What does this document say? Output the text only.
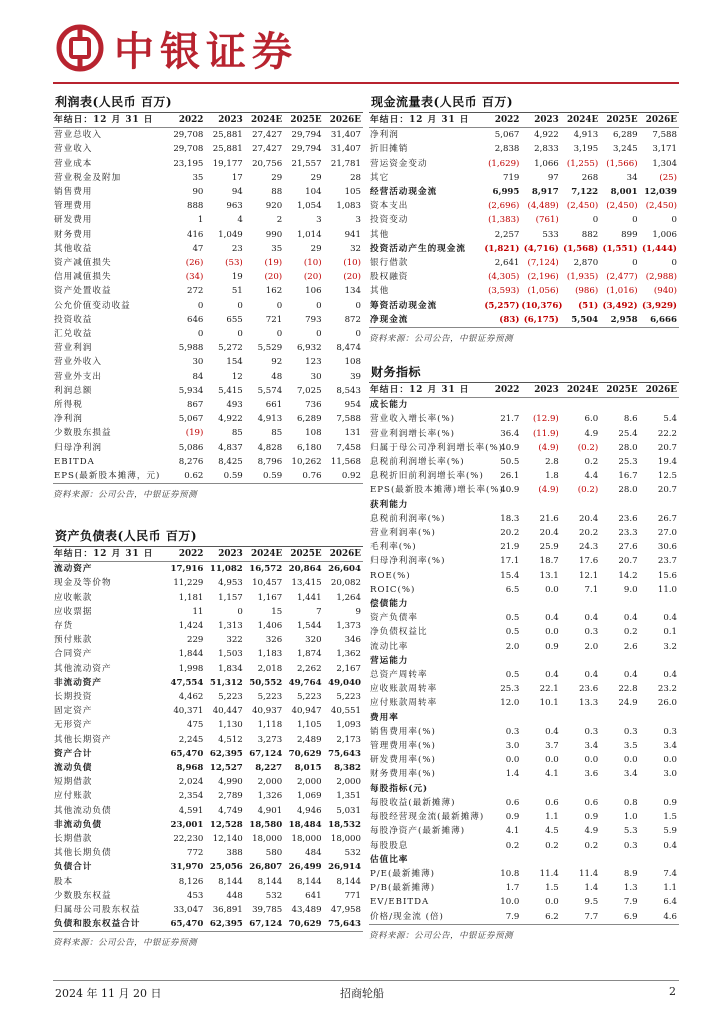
中银证券
利润表(人民币 百万)
年结日：12 月 31 日	2022	2023	2024E	2025E	2026E
营业总收入	29,708	25,881	27,427	29,794	31,407
营业收入	29,708	25,881	27,427	29,794	31,407
营业成本	23,195	19,177	20,756	21,557	21,781
营业税金及附加	35	17	29	29	28
销售费用	90	94	88	104	105
管理费用	888	963	920	1,054	1,083
研发费用	1	4	2	3	3
财务费用	416	1,049	990	1,014	941
其他收益	47	23	35	29	32
资产减值损失	(26)	(53)	(19)	(10)	(10)
信用减值损失	(34)	19	(20)	(20)	(20)
资产处置收益	272	51	162	106	134
公允价值变动收益	0	0	0	0	0
投资收益	646	655	721	793	872
汇兑收益	0	0	0	0	0
营业利润	5,988	5,272	5,529	6,932	8,474
营业外收入	30	154	92	123	108
营业外支出	84	12	48	30	39
利润总额	5,934	5,415	5,574	7,025	8,543
所得税	867	493	661	736	954
净利润	5,067	4,922	4,913	6,289	7,588
少数股东损益	(19)	85	85	108	131
归母净利润	5,086	4,837	4,828	6,180	7,458
EBITDA	8,276	8,425	8,796	10,262	11,568
EPS(最新股本摊薄，元)	0.62	0.59	0.59	0.76	0.92
资料来源：公司公告，中银证券预测
资产负债表(人民币 百万)
年结日：12 月 31 日	2022	2023	2024E	2025E	2026E
流动资产	17,916	11,082	16,572	20,864	26,604
现金及等价物	11,229	4,953	10,457	13,415	20,082
应收帐款	1,181	1,157	1,167	1,441	1,264
应收票据	11	0	15	7	9
存货	1,424	1,313	1,406	1,544	1,373
预付账款	229	322	326	320	346
合同资产	1,844	1,503	1,183	1,874	1,362
其他流动资产	1,998	1,834	2,018	2,262	2,167
非流动资产	47,554	51,312	50,552	49,764	49,040
长期投资	4,462	5,223	5,223	5,223	5,223
固定资产	40,371	40,447	40,937	40,947	40,551
无形资产	475	1,130	1,118	1,105	1,093
其他长期资产	2,245	4,512	3,273	2,489	2,173
资产合计	65,470	62,395	67,124	70,629	75,643
流动负债	8,968	12,527	8,227	8,015	8,382
短期借款	2,024	4,990	2,000	2,000	2,000
应付账款	2,354	2,789	1,326	1,069	1,351
其他流动负债	4,591	4,749	4,901	4,946	5,031
非流动负债	23,001	12,528	18,580	18,484	18,532
长期借款	22,230	12,140	18,000	18,000	18,000
其他长期负债	772	388	580	484	532
负债合计	31,970	25,056	26,807	26,499	26,914
股本	8,126	8,144	8,144	8,144	8,144
少数股东权益	453	448	532	641	771
归属母公司股东权益	33,047	36,891	39,785	43,489	47,958
负债和股东权益合计	65,470	62,395	67,124	70,629	75,643
资料来源：公司公告，中银证券预测
现金流量表(人民币 百万)
年结日：12 月 31 日	2022	2023	2024E	2025E	2026E
净利润	5,067	4,922	4,913	6,289	7,588
折旧摊销	2,838	2,833	3,195	3,245	3,171
营运资金变动	(1,629)	1,066	(1,255)	(1,566)	1,304
其它	719	97	268	34	(25)
经营活动现金流	6,995	8,917	7,122	8,001	12,039
资本支出	(2,696)	(4,489)	(2,450)	(2,450)	(2,450)
投资变动	(1,383)	(761)	0	0	0
其他	2,257	533	882	899	1,006
投资活动产生的现金流	(1,821)	(4,716)	(1,568)	(1,551)	(1,444)
银行借款	2,641	(7,124)	2,870	0	0
股权融资	(4,305)	(2,196)	(1,935)	(2,477)	(2,988)
其他	(3,593)	(1,056)	(986)	(1,016)	(940)
筹资活动现金流	(5,257)	(10,376)	(51)	(3,492)	(3,929)
净现金流	(83)	(6,175)	5,504	2,958	6,666
资料来源：公司公告，中银证券预测
财务指标
年结日：12 月 31 日	2022	2023	2024E	2025E	2026E
成长能力					
营业收入增长率(%)	21.7	(12.9)	6.0	8.6	5.4
营业利润增长率(%)	36.4	(11.9)	4.9	25.4	22.2
归属于母公司净利润增长率(%)	40.9	(4.9)	(0.2)	28.0	20.7
息税前利润增长率(%)	50.5	2.8	0.2	25.3	19.4
息税折旧前利润增长率(%)	26.1	1.8	4.4	16.7	12.5
EPS(最新股本摊薄)增长率(%)	40.9	(4.9)	(0.2)	28.0	20.7
获利能力					
息税前利润率(%)	18.3	21.6	20.4	23.6	26.7
营业利润率(%)	20.2	20.4	20.2	23.3	27.0
毛利率(%)	21.9	25.9	24.3	27.6	30.6
归母净利润率(%)	17.1	18.7	17.6	20.7	23.7
ROE(%)	15.4	13.1	12.1	14.2	15.6
ROIC(%)	6.5	0.0	7.1	9.0	11.0
偿债能力					
资产负债率	0.5	0.4	0.4	0.4	0.4
净负债权益比	0.5	0.0	0.3	0.2	0.1
流动比率	2.0	0.9	2.0	2.6	3.2
营运能力					
总资产周转率	0.5	0.4	0.4	0.4	0.4
应收账款周转率	25.3	22.1	23.6	22.8	23.2
应付账款周转率	12.0	10.1	13.3	24.9	26.0
费用率					
销售费用率(%)	0.3	0.4	0.3	0.3	0.3
管理费用率(%)	3.0	3.7	3.4	3.5	3.4
研发费用率(%)	0.0	0.0	0.0	0.0	0.0
财务费用率(%)	1.4	4.1	3.6	3.4	3.0
每股指标(元)					
每股收益(最新摊薄)	0.6	0.6	0.6	0.8	0.9
每股经营现金流(最新摊薄)	0.9	1.1	0.9	1.0	1.5
每股净资产(最新摊薄)	4.1	4.5	4.9	5.3	5.9
每股股息	0.2	0.2	0.2	0.3	0.4
估值比率					
P/E(最新摊薄)	10.8	11.4	11.4	8.9	7.4
P/B(最新摊薄)	1.7	1.5	1.4	1.3	1.1
EV/EBITDA	10.0	0.0	9.5	7.9	6.4
价格/现金流 (倍)	7.9	6.2	7.7	6.9	4.6
资料来源：公司公告，中银证券预测
2024 年 11 月 20 日	招商轮船	2
